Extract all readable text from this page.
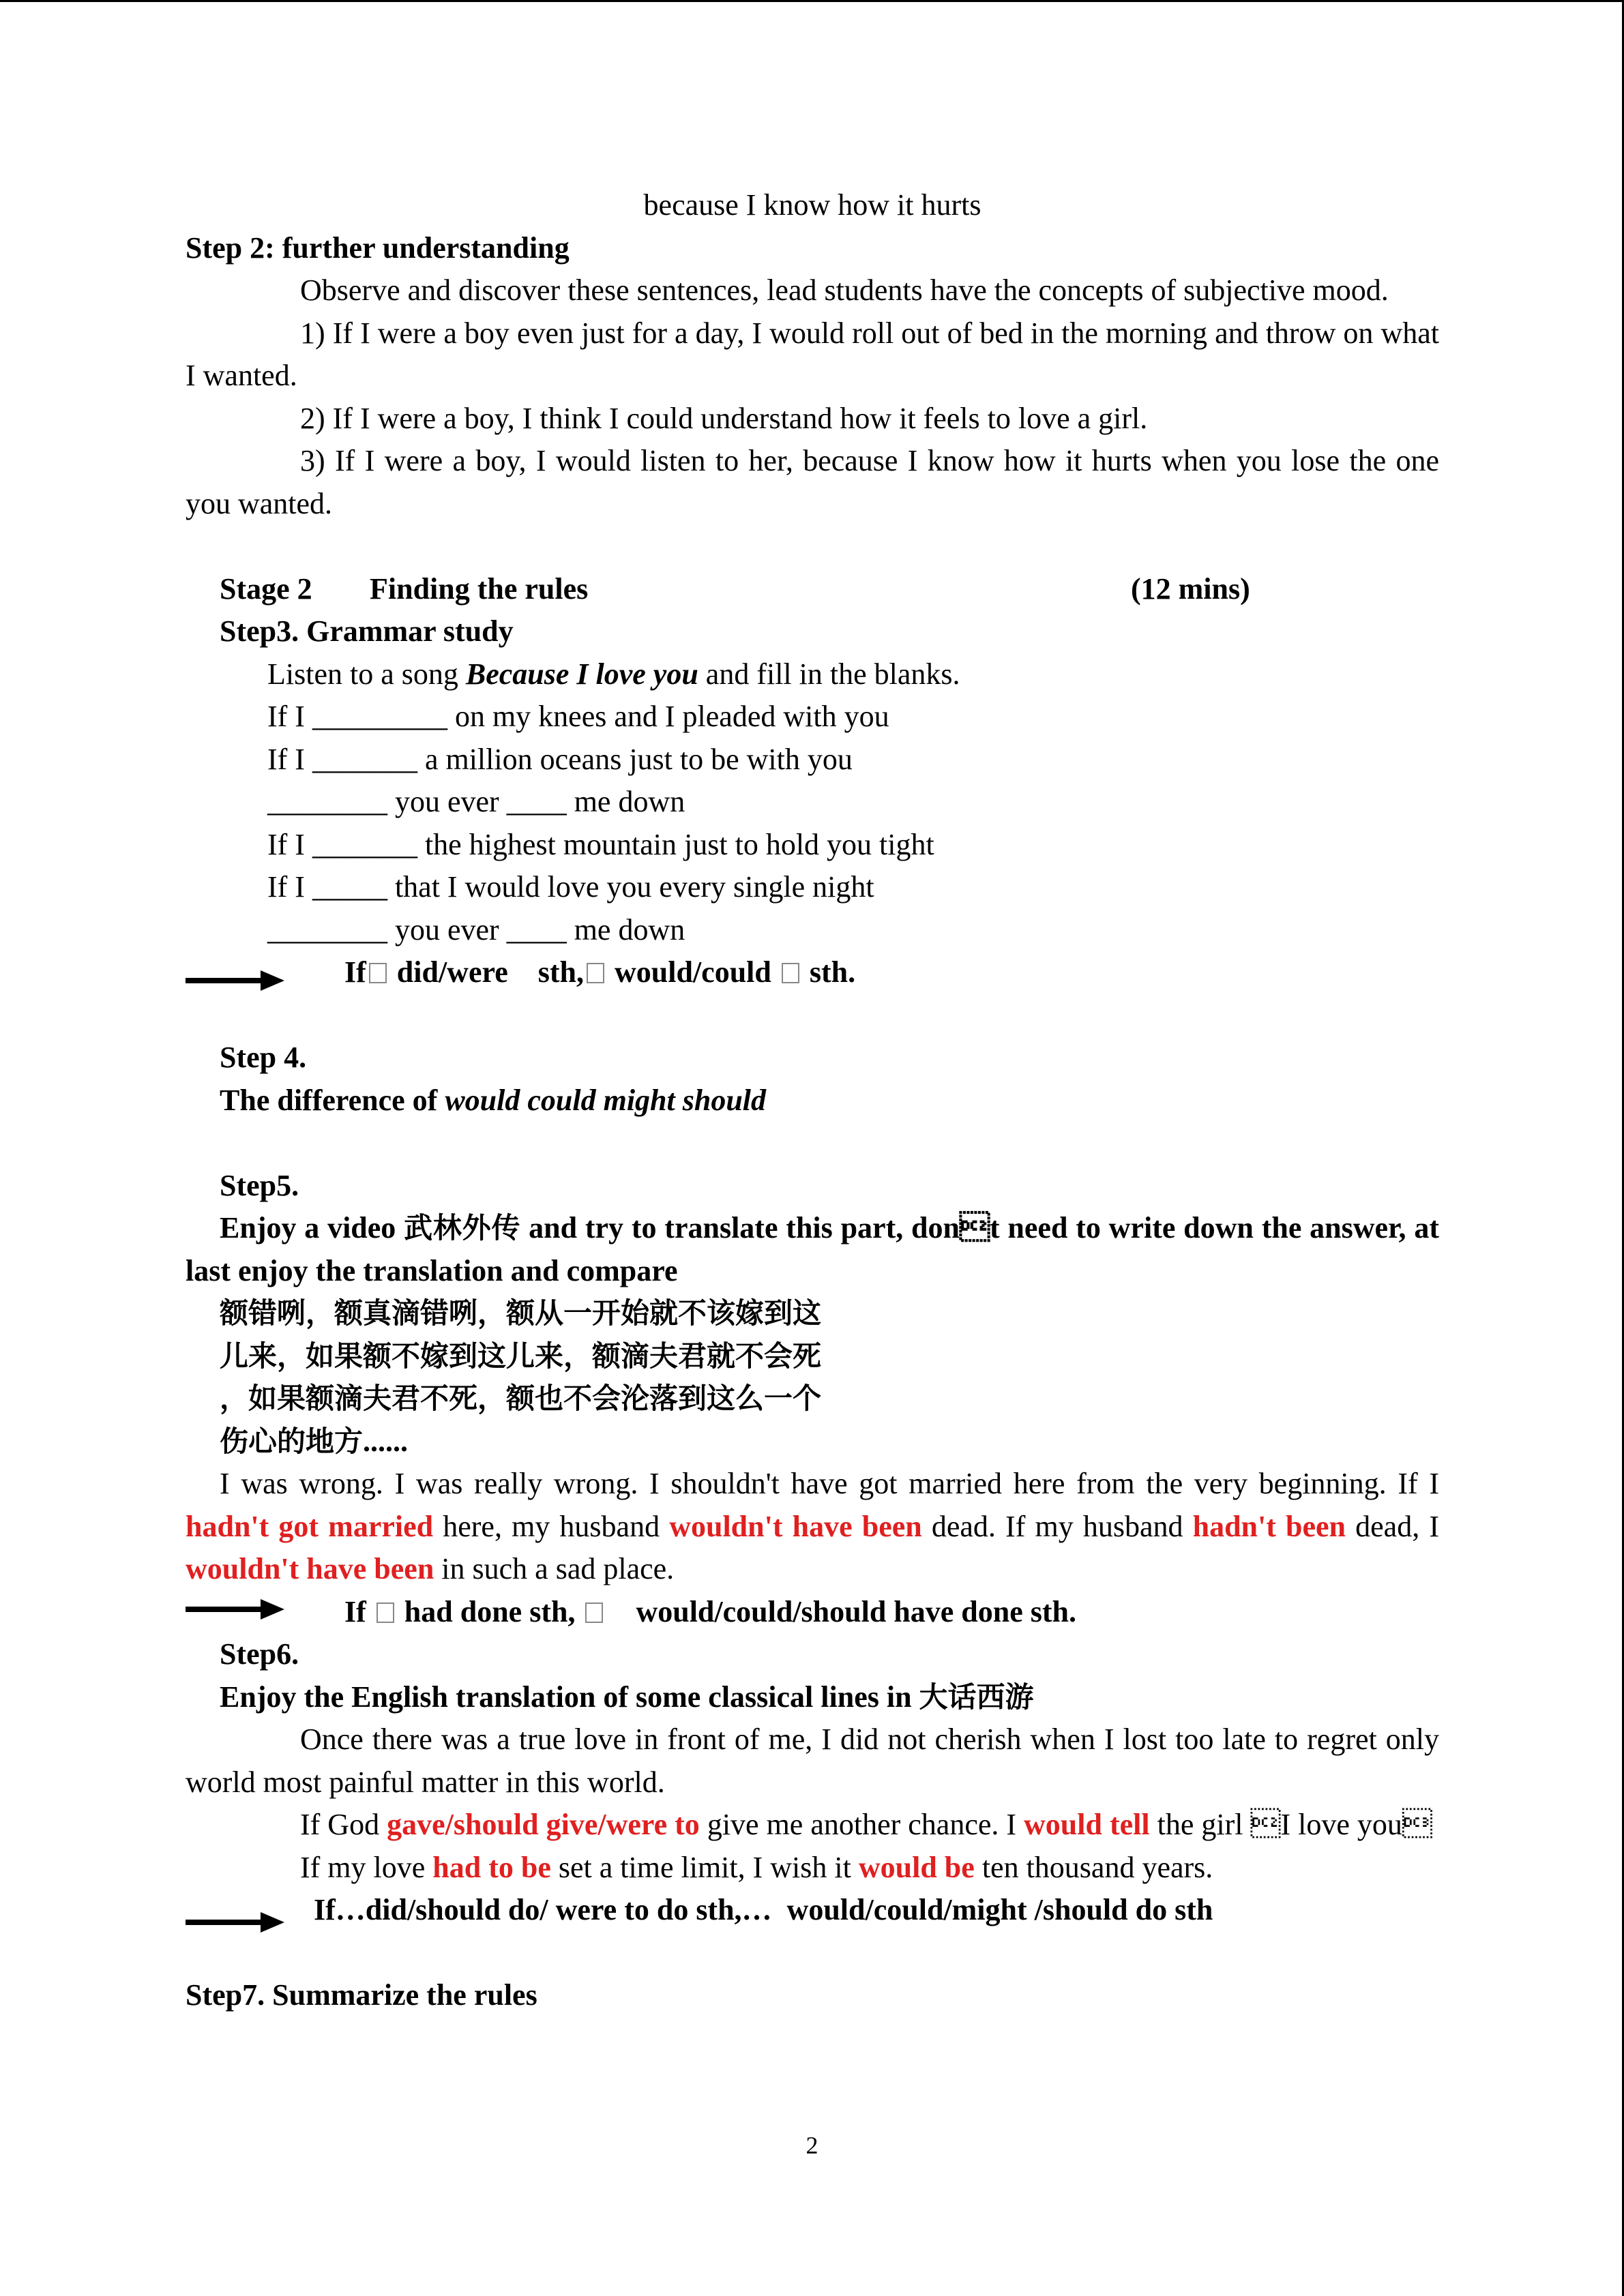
because I know how it hurts
Step 2: further understanding
Observe and discover these sentences, lead students have the concepts of subjective mood.
1) If I were a boy even just for a day, I would roll out of bed in the morning and throw on what I wanted.
2) If I were a boy, I think I could understand how it feels to love a girl.
3) If I were a boy, I would listen to her, because I know how it hurts when you lose the one you wanted.
Stage 2 Finding the rules	(12 mins)
Step3. Grammar study
Listen to a song Because I love you and fill in the blanks.
If I _________ on my knees and I pleaded with you
If I _______ a million oceans just to be with you
________ you ever ____ me down
If I _______ the highest mountain just to hold you tight
If I _____ that I would love you every single night
________ you ever ____ me down
If did/were    sth, would/could sth.
Step 4.
The difference of would could might should
Step5.
Enjoy a video 武林外传 and try to translate this part, dont need to write down the answer, at last enjoy the translation and compare
额错咧，额真滴错咧，额从一开始就不该嫁到这
儿来，如果额不嫁到这儿来，额滴夫君就不会死
，如果额滴夫君不死，额也不会沦落到这么一个
伤心的地方......
I was wrong. I was really wrong. I shouldn't have got married here from the very beginning. If I hadn't got married here, my husband wouldn't have been dead. If my husband hadn't been dead, I wouldn't have been in such a sad place.
If had done sth, would/could/should have done sth.
Step6.
Enjoy the English translation of some classical lines in 大话西游
Once there was a true love in front of me, I did not cherish when I lost too late to regret only world most painful matter in this world.
If God gave/should give/were to give me another chance. I would tell the girl I love you
If my love had to be set a time limit, I wish it would be ten thousand years.
If…did/should do/ were to do sth,…  would/could/might /should do sth
Step7. Summarize the rules
2
